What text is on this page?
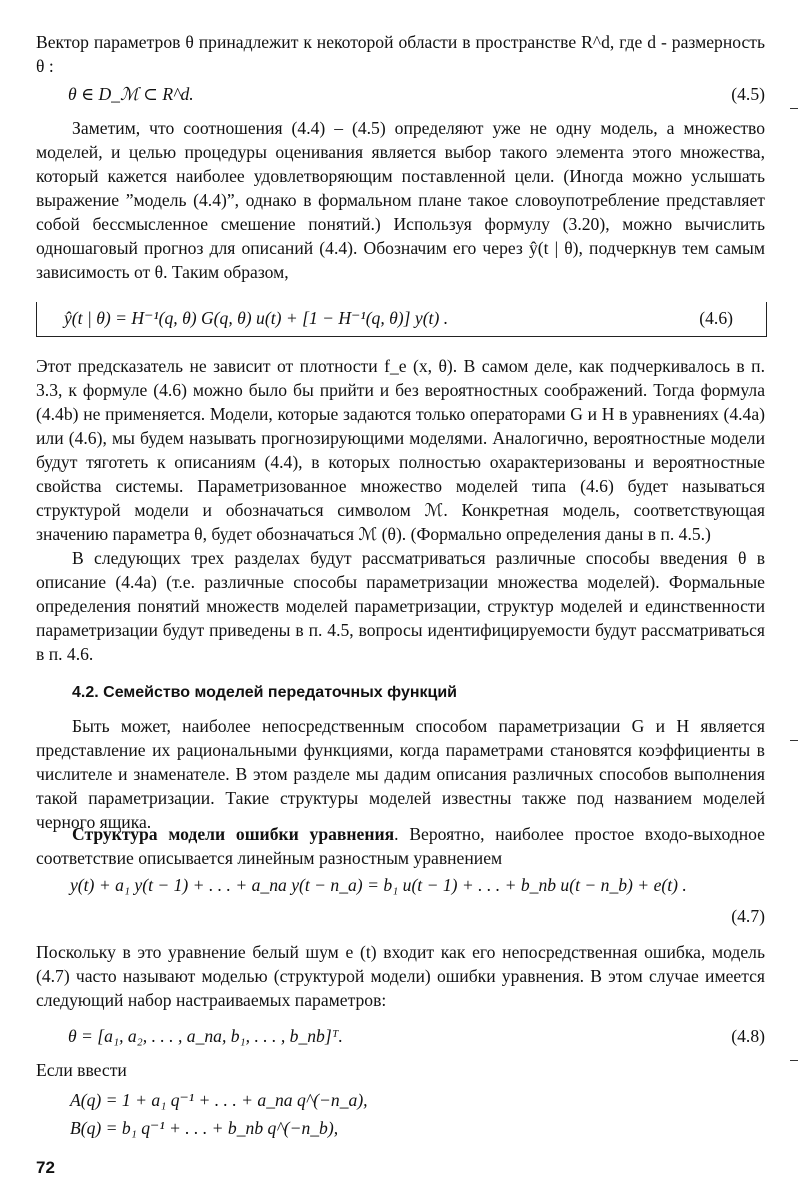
Вектор параметров θ принадлежит к некоторой области в пространстве R^d, где d - размерность θ :

θ ∈ D_ℳ ⊂ R^d.	(4.5)

Заметим, что соотношения (4.4) – (4.5) определяют уже не одну модель, а множество моделей, и целью процедуры оценивания является выбор такого элемента этого множества, который кажется наиболее удовлетворяющим поставленной цели. (Иногда можно услышать выражение ”модель (4.4)”, однако в формальном плане такое словоупотребление представляет собой бессмысленное смешение понятий.) Используя формулу (3.20), можно вычислить одношаговый прогноз для описаний (4.4). Обозначим его через ŷ(t | θ), подчеркнув тем самым зависимость от θ. Таким образом,

ŷ(t | θ) = H⁻¹(q, θ) G(q, θ) u(t) + [1 − H⁻¹(q, θ)] y(t) .	(4.6)

Этот предсказатель не зависит от плотности f_e (x, θ). В самом деле, как подчеркивалось в п. 3.3, к формуле (4.6) можно было бы прийти и без вероятностных соображений. Тогда формула (4.4b) не применяется. Модели, которые задаются только операторами G и H в уравнениях (4.4a) или (4.6), мы будем называть прогнозирующими моделями. Аналогично, вероятностные модели будут тяготеть к описаниям (4.4), в которых полностью охарактеризованы и вероятностные свойства системы. Параметризованное множество моделей типа (4.6) будет называться структурой модели и обозначаться символом ℳ. Конкретная модель, соответствующая значению параметра θ, будет обозначаться ℳ (θ). (Формально определения даны в п. 4.5.)

В следующих трех разделах будут рассматриваться различные способы введения θ в описание (4.4a) (т.е. различные способы параметризации множества моделей). Формальные определения понятий множеств моделей параметризации, структур моделей и единственности параметризации будут приведены в п. 4.5, вопросы идентифицируемости будут рассматриваться в п. 4.6.

4.2. Семейство моделей передаточных функций

Быть может, наиболее непосредственным способом параметризации G и H является представление их рациональными функциями, когда параметрами становятся коэффициенты в числителе и знаменателе. В этом разделе мы дадим описания различных способов выполнения такой параметризации. Такие структуры моделей известны также под названием моделей черного ящика.

Структура модели ошибки уравнения. Вероятно, наиболее простое входо-выходное соответствие описывается линейным разностным уравнением

y(t) + a₁ y(t − 1) + . . . + a_na y(t − n_a) = b₁ u(t − 1) + . . . + b_nb u(t − n_b) + e(t) .
(4.7)

Поскольку в это уравнение белый шум e (t) входит как его непосредственная ошибка, модель (4.7) часто называют моделью (структурой модели) ошибки уравнения. В этом случае имеется следующий набор настраиваемых параметров:

θ = [a₁, a₂, . . . , a_na, b₁, . . . , b_nb]ᵀ.	(4.8)

Если ввести

A(q) = 1 + a₁ q⁻¹ + . . . + a_na q^(−n_a),
B(q) = b₁ q⁻¹ + . . . + b_nb q^(−n_b),
72
